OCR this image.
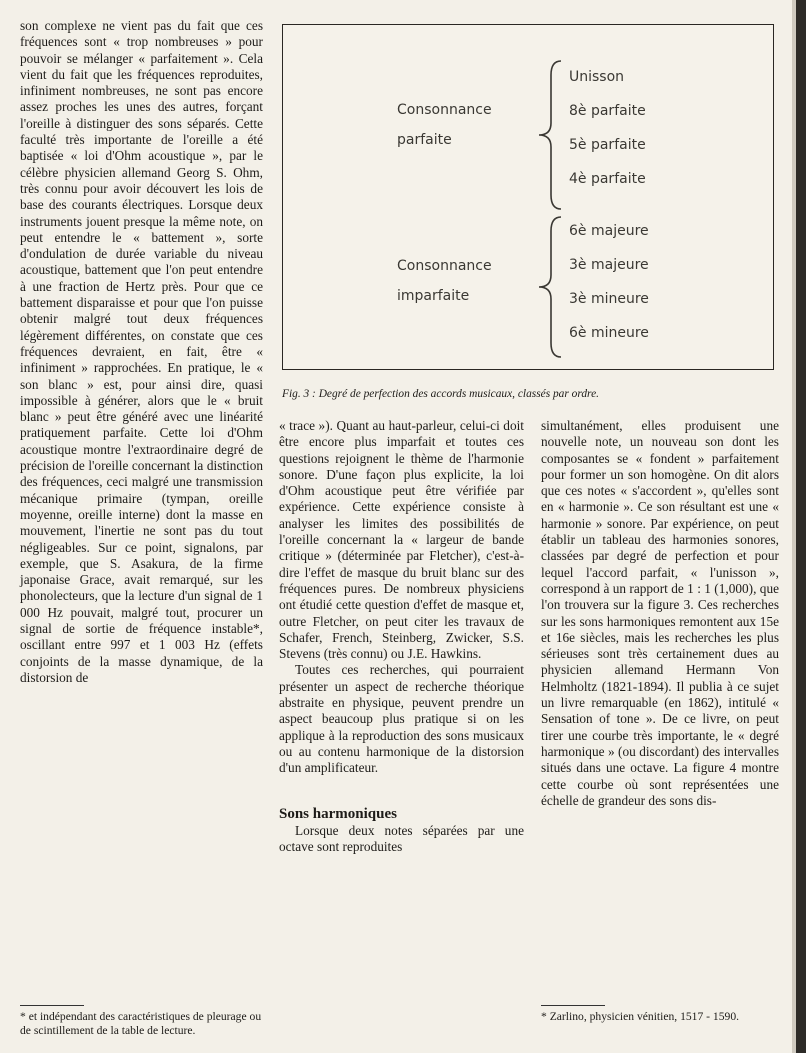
son complexe ne vient pas du fait que ces fréquences sont « trop nombreuses » pour pouvoir se mélanger « parfaitement ». Cela vient du fait que les fréquences reproduites, infiniment nombreuses, ne sont pas encore assez proches les unes des autres, forçant l'oreille à distinguer des sons séparés. Cette faculté très importante de l'oreille a été baptisée « loi d'Ohm acoustique », par le célèbre physicien allemand Georg S. Ohm, très connu pour avoir découvert les lois de base des courants électriques. Lorsque deux instruments jouent presque la même note, on peut entendre le « battement », sorte d'ondulation de durée variable du niveau acoustique, battement que l'on peut entendre à une fraction de Hertz près. Pour que ce battement disparaisse et pour que l'on puisse obtenir malgré tout deux fréquences légèrement différentes, on constate que ces fréquences devraient, en fait, être « infiniment » rapprochées. En pratique, le « son blanc » est, pour ainsi dire, quasi impossible à générer, alors que le « bruit blanc » peut être généré avec une linéarité pratiquement parfaite. Cette loi d'Ohm acoustique montre l'extraordinaire degré de précision de l'oreille concernant la distinction des fréquences, ceci malgré une transmission mécanique primaire (tympan, oreille moyenne, oreille interne) dont la masse en mouvement, l'inertie ne sont pas du tout négligeables. Sur ce point, signalons, par exemple, que S. Asakura, de la firme japonaise Grace, avait remarqué, sur les phonolecteurs, que la lecture d'un signal de 1 000 Hz pouvait, malgré tout, procurer un signal de sortie de fréquence instable*, oscillant entre 997 et 1 003 Hz (effets conjoints de la masse dynamique, de la distorsion de

* et indépendant des caractéristiques de pleurage ou de scintillement de la table de lecture.
Consonnance
parfaite
Unisson
8è parfaite
5è parfaite
4è parfaite
Consonnance
imparfaite
6è majeure
3è majeure
3è mineure
6è mineure
Fig. 3 : Degré de perfection des accords musicaux, classés par ordre.

« trace »). Quant au haut-parleur, celui-ci doit être encore plus imparfait et toutes ces questions rejoignent le thème de l'harmonie sonore. D'une façon plus explicite, la loi d'Ohm acoustique peut être vérifiée par expérience. Cette expérience consiste à analyser les limites des possibilités de l'oreille concernant la « largeur de bande critique » (déterminée par Fletcher), c'est-à-dire l'effet de masque du bruit blanc sur des fréquences pures. De nombreux physiciens ont étudié cette question d'effet de masque et, outre Fletcher, on peut citer les travaux de Schafer, French, Steinberg, Zwicker, S.S. Stevens (très connu) ou J.E. Hawkins.

Toutes ces recherches, qui pourraient présenter un aspect de recherche théorique abstraite en physique, peuvent prendre un aspect beaucoup plus pratique si on les applique à la reproduction des sons musicaux ou au contenu harmonique de la distorsion d'un amplificateur.

Sons harmoniques

Lorsque deux notes séparées par une octave sont reproduites

simultanément, elles produisent une nouvelle note, un nouveau son dont les composantes se « fondent » parfaitement pour former un son homogène. On dit alors que ces notes « s'accordent », qu'elles sont en « harmonie ». Ce son résultant est une « harmonie » sonore. Par expérience, on peut établir un tableau des harmonies sonores, classées par degré de perfection et pour lequel l'accord parfait, « l'unisson », correspond à un rapport de 1 : 1 (1,000), que l'on trouvera sur la figure 3. Ces recherches sur les sons harmoniques remontent aux 15e et 16e siècles, mais les recherches les plus sérieuses sont très certainement dues au physicien allemand Hermann Von Helmholtz (1821-1894). Il publia à ce sujet un livre remarquable (en 1862), intitulé « Sensation of tone ». De ce livre, on peut tirer une courbe très importante, le « degré harmonique » (ou discordant) des intervalles situés dans une octave. La figure 4 montre cette courbe où sont représentées une échelle de grandeur des sons dis-

* Zarlino, physicien vénitien, 1517 - 1590.
